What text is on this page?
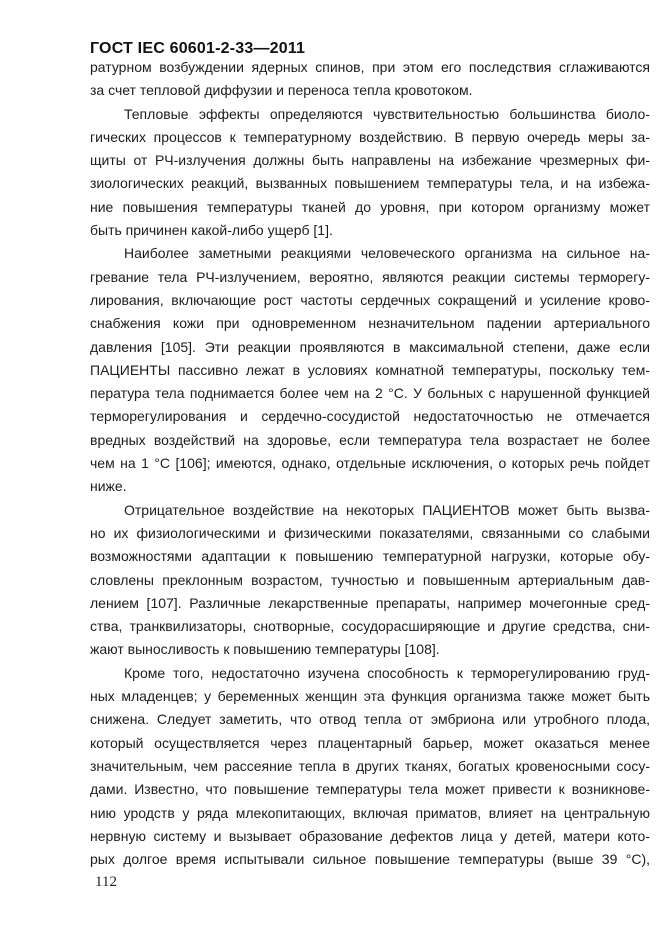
ГОСТ IEC 60601-2-33—2011
ратурном возбуждении ядерных спинов, при этом его последствия сглаживаются
за счет тепловой диффузии и переноса тепла кровотоком.
Тепловые эффекты определяются чувствительностью большинства биоло-
гических процессов к температурному воздействию. В первую очередь меры за-
щиты от РЧ-излучения должны быть направлены на избежание чрезмерных фи-
зиологических реакций, вызванных повышением температуры тела, и на избежа-
ние повышения температуры тканей до уровня, при котором организму может
быть причинен какой-либо ущерб [1].
Наиболее заметными реакциями человеческого организма на сильное на-
гревание тела РЧ-излучением, вероятно, являются реакции системы терморегу-
лирования, включающие рост частоты сердечных сокращений и усиление крово-
снабжения кожи при одновременном незначительном падении артериального
давления [105]. Эти реакции проявляются в максимальной степени, даже если
ПАЦИЕНТЫ пассивно лежат в условиях комнатной температуры, поскольку тем-
пература тела поднимается более чем на 2 °C. У больных с нарушенной функцией
терморегулирования и сердечно-сосудистой недостаточностью не отмечается
вредных воздействий на здоровье, если температура тела возрастает не более
чем на 1 °C [106]; имеются, однако, отдельные исключения, о которых речь пойдет
ниже.
Отрицательное воздействие на некоторых ПАЦИЕНТОВ может быть вызва-
но их физиологическими и физическими показателями, связанными со слабыми
возможностями адаптации к повышению температурной нагрузки, которые обу-
словлены преклонным возрастом, тучностью и повышенным артериальным дав-
лением [107]. Различные лекарственные препараты, например мочегонные сред-
ства, транквилизаторы, снотворные, сосудорасширяющие и другие средства, сни-
жают выносливость к повышению температуры [108].
Кроме того, недостаточно изучена способность к терморегулированию груд-
ных младенцев; у беременных женщин эта функция организма также может быть
снижена. Следует заметить, что отвод тепла от эмбриона или утробного плода,
который осуществляется через плацентарный барьер, может оказаться менее
значительным, чем рассеяние тепла в других тканях, богатых кровеносными сосу-
дами. Известно, что повышение температуры тела может привести к возникнове-
нию уродств у ряда млекопитающих, включая приматов, влияет на центральную
нервную систему и вызывает образование дефектов лица у детей, матери кото-
рых долгое время испытывали сильное повышение температуры (выше 39 °C),
112
